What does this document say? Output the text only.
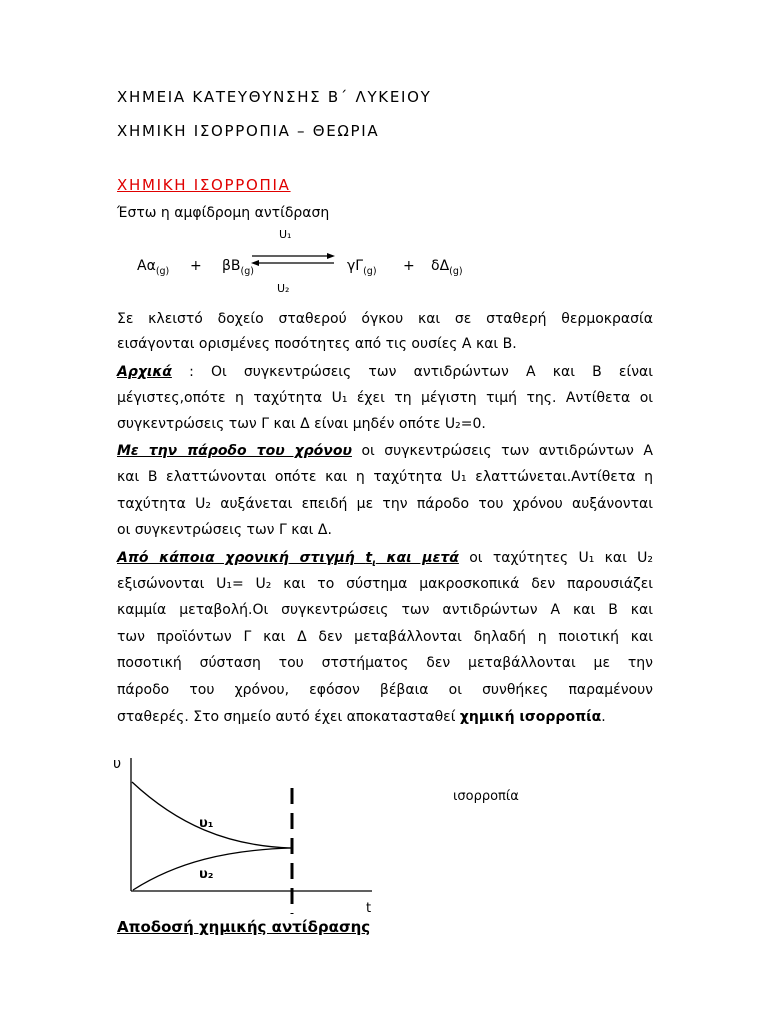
ΧΗΜΕΙΑ ΚΑΤΕΥΘΥΝΣΗΣ Β΄ ΛΥΚΕΙΟΥ
ΧΗΜΙΚΗ ΙΣΟΡΡΟΠΙΑ – ΘΕΩΡΙΑ
ΧΗΜΙΚΗ ΙΣΟΡΡΟΠΙΑ
Έστω η αμφίδρομη αντίδραση
U₁
$A\alpha_{(g)} + \beta B_{(g)}$	$\gamma\Gamma_{(g)} + \delta\Delta_{(g)}$
U₂
Σε κλειστό δοχείο σταθερού όγκου και σε σταθερή θερμοκρασία
εισάγονται ορισμένες ποσότητες από τις ουσίες Α και Β.
Αρχικά : Οι συγκεντρώσεις των αντιδρώντων Α και Β είναι
μέγιστες,οπότε η ταχύτητα U₁ έχει τη μέγιστη τιμή της. Αντίθετα οι
συγκεντρώσεις των Γ και Δ είναι μηδέν οπότε U₂=0.
Με την πάροδο του χρόνου οι συγκεντρώσεις των αντιδρώντων Α
και Β ελαττώνονται οπότε και η ταχύτητα U₁ ελαττώνεται.Αντίθετα η
ταχύτητα U₂ αυξάνεται επειδή με την πάροδο του χρόνου αυξάνονται
οι συγκεντρώσεις των Γ και Δ.
Από κάποια χρονική στιγμή $t_\iota$ και μετά οι ταχύτητες U₁ και U₂
εξισώνονται U₁= U₂ και το σύστημα μακροσκοπικά δεν παρουσιάζει
καμμία μεταβολή.Οι συγκεντρώσεις των αντιδρώντων Α και Β και
των προϊόντων Γ και Δ δεν μεταβάλλονται δηλαδή η ποιοτική και
ποσοτική σύσταση του στστήματος δεν μεταβάλλονται με την
πάροδο του χρόνου, εφόσον βέβαια οι συνθήκες παραμένουν
σταθερές. Στο σημείο αυτό έχει αποκατασταθεί χημική ισορροπία.
υ
υ₁
υ₂
t
ισορροπία
Αποδοσή χημικής αντίδρασης
